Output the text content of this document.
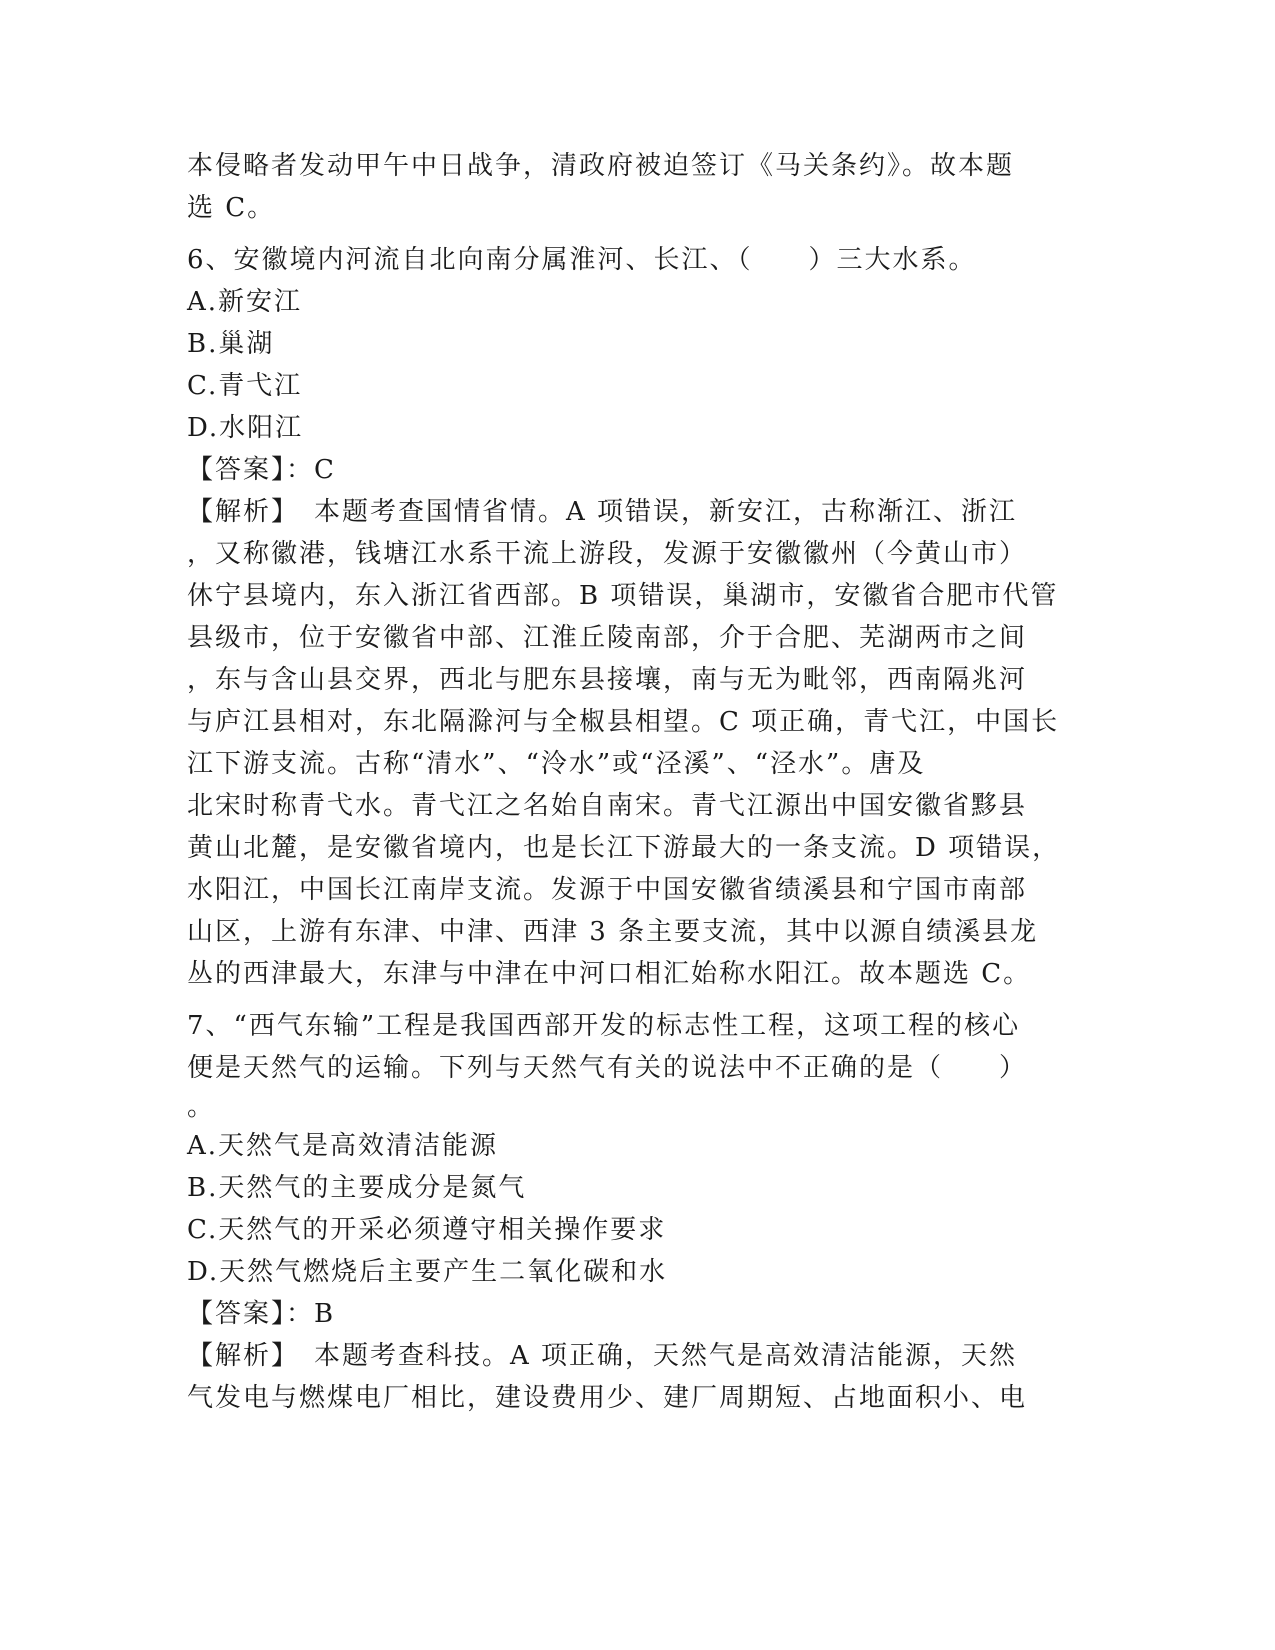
本侵略者发动甲午中日战争，清政府被迫签订《马关条约》。故本题
选 C。
6、安徽境内河流自北向南分属淮河、长江、（　　）三大水系。
A.新安江
B.巢湖
C.青弋江
D.水阳江
【答案】：C
【解析】　本题考查国情省情。A 项错误，新安江，古称渐江、浙江
，又称徽港，钱塘江水系干流上游段，发源于安徽徽州（今黄山市）
休宁县境内，东入浙江省西部。B 项错误，巢湖市，安徽省合肥市代管
县级市，位于安徽省中部、江淮丘陵南部，介于合肥、芜湖两市之间
，东与含山县交界，西北与肥东县接壤，南与无为毗邻，西南隔兆河
与庐江县相对，东北隔滁河与全椒县相望。C 项正确，青弋江，中国长
江下游支流。古称“清水”、“泠水”或“泾溪”、“泾水”。唐及
北宋时称青弋水。青弋江之名始自南宋。青弋江源出中国安徽省黟县
黄山北麓，是安徽省境内，也是长江下游最大的一条支流。D 项错误，
水阳江，中国长江南岸支流。发源于中国安徽省绩溪县和宁国市南部
山区，上游有东津、中津、西津 3 条主要支流，其中以源自绩溪县龙
丛的西津最大，东津与中津在中河口相汇始称水阳江。故本题选 C。
7、“西气东输”工程是我国西部开发的标志性工程，这项工程的核心
便是天然气的运输。下列与天然气有关的说法中不正确的是（　　）
。
A.天然气是高效清洁能源
B.天然气的主要成分是氮气
C.天然气的开采必须遵守相关操作要求
D.天然气燃烧后主要产生二氧化碳和水
【答案】：B
【解析】　本题考查科技。A 项正确，天然气是高效清洁能源，天然
气发电与燃煤电厂相比，建设费用少、建厂周期短、占地面积小、电
